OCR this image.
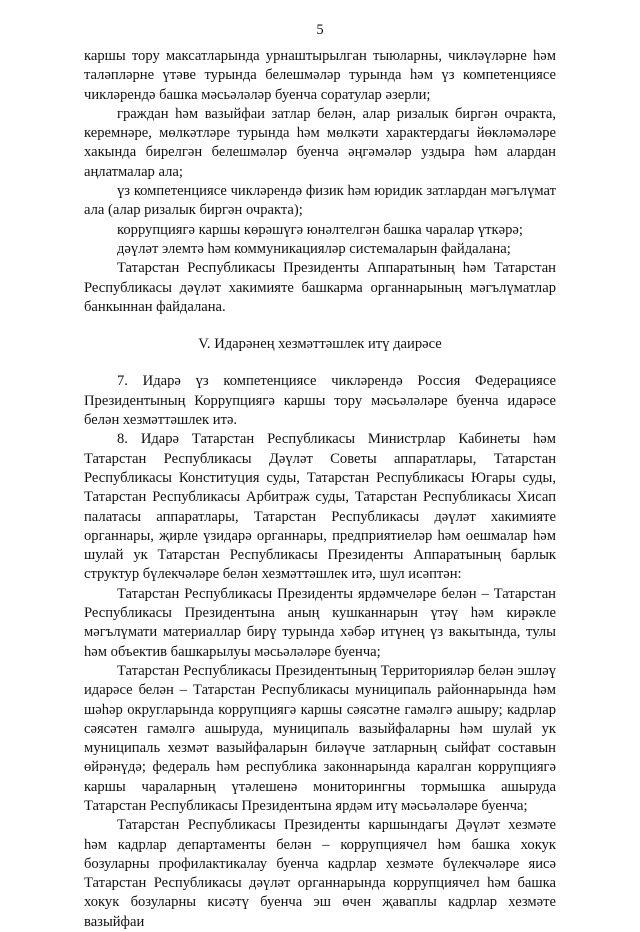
5

каршы тору максатларында урнаштырылган тыюларны, чикләүләрне һәм таләпләрне үтәве турында белешмәләр турында һәм үз компетенциясе чикләрендә башка мәсьәләләр буенча соратулар әзерли;

граждан һәм вазыйфаи затлар белән, алар ризалык биргән очракта, керемнәре, мөлкәтләре турында һәм мөлкәти характердагы йөкләмәләре хакында бирелгән белешмәләр буенча әңгәмәләр уздыра һәм алардан аңлатмалар ала;

үз компетенциясе чикләрендә физик һәм юридик затлардан мәгълүмат ала (алар ризалык биргән очракта);

коррупциягә каршы көрәшүгә юнәлтелгән башка чаралар үткәрә;

дәүләт элемтә һәм коммуникацияләр системаларын файдалана;

Татарстан Республикасы Президенты Аппаратының һәм Татарстан Республикасы дәүләт хакимияте башкарма органнарының мәгълүматлар банкыннан файдалана.

V. Идарәнең хезмәттәшлек итү даирәсе

7. Идарә үз компетенциясе чикләрендә Россия Федерациясе Президентының Коррупциягә каршы тору мәсьәләләре буенча идарәсе белән хезмәттәшлек итә.

8. Идарә Татарстан Республикасы Министрлар Кабинеты һәм Татарстан Республикасы Дәүләт Советы аппаратлары, Татарстан Республикасы Конституция суды, Татарстан Республикасы Югары суды, Татарстан Республикасы Арбитраж суды, Татарстан Республикасы Хисап палатасы аппаратлары, Татарстан Республикасы дәүләт хакимияте органнары, җирле үзидарә органнары, предприятиеләр һәм оешмалар һәм шулай ук Татарстан Республикасы Президенты Аппаратының барлык структур бүлекчәләре белән хезмәттәшлек итә, шул исәптән:

Татарстан Республикасы Президенты ярдәмчеләре белән – Татарстан Республикасы Президентына аның кушканнарын үтәү һәм кирәкле мәгълүмати материаллар бирү турында хәбәр итүнең үз вакытында, тулы һәм объектив башкарылуы мәсьәләләре буенча;

Татарстан Республикасы Президентының Территорияләр белән эшләү идарәсе белән – Татарстан Республикасы муниципаль районнарында һәм шәһәр округларында коррупциягә каршы сәясәтне гамәлгә ашыру; кадрлар сәясәтен гамәлгә ашыруда, муниципаль вазыйфаларны һәм шулай ук муниципаль хезмәт вазыйфаларын биләүче затларның сыйфат составын өйрәнүдә; федераль һәм республика законнарында каралган коррупциягә каршы чараларның үтәлешенә мониторингны тормышка ашыруда Татарстан Республикасы Президентына ярдәм итү мәсьәләләре буенча;

Татарстан Республикасы Президенты каршындагы Дәүләт хезмәте һәм кадрлар департаменты белән – коррупциячел һәм башка хокук бозуларны профилактикалау буенча кадрлар хезмәте бүлекчәләре яисә Татарстан Республикасы дәүләт органнарында коррупциячел һәм башка хокук бозуларны кисәтү буенча эш өчен җаваплы кадрлар хезмәте вазыйфаи
